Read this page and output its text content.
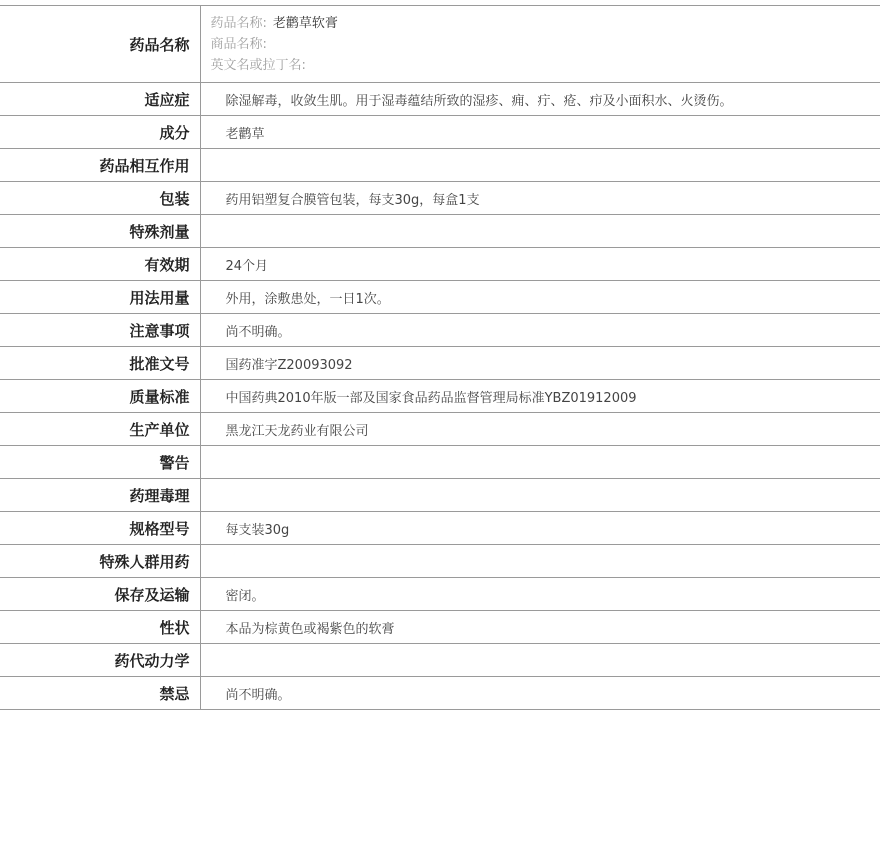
药品名称	药品名称: 老鹳草软膏
商品名称:
英文名或拉丁名:

适应症	除湿解毒，收敛生肌。用于湿毒蕴结所致的湿疹、痈、疔、疮、疖及小面积水、火烫伤。
成分	老鹳草
药品相互作用	
包装	药用铝塑复合膜管包装，每支30g，每盒1支
特殊剂量	
有效期	24个月
用法用量	外用，涂敷患处，一日1次。
注意事项	尚不明确。
批准文号	国药准字Z20093092
质量标准	中国药典2010年版一部及国家食品药品监督管理局标准YBZ01912009
生产单位	黑龙江天龙药业有限公司
警告	
药理毒理	
规格型号	每支装30g
特殊人群用药	
保存及运输	密闭。
性状	本品为棕黄色或褐紫色的软膏
药代动力学	
禁忌	尚不明确。
